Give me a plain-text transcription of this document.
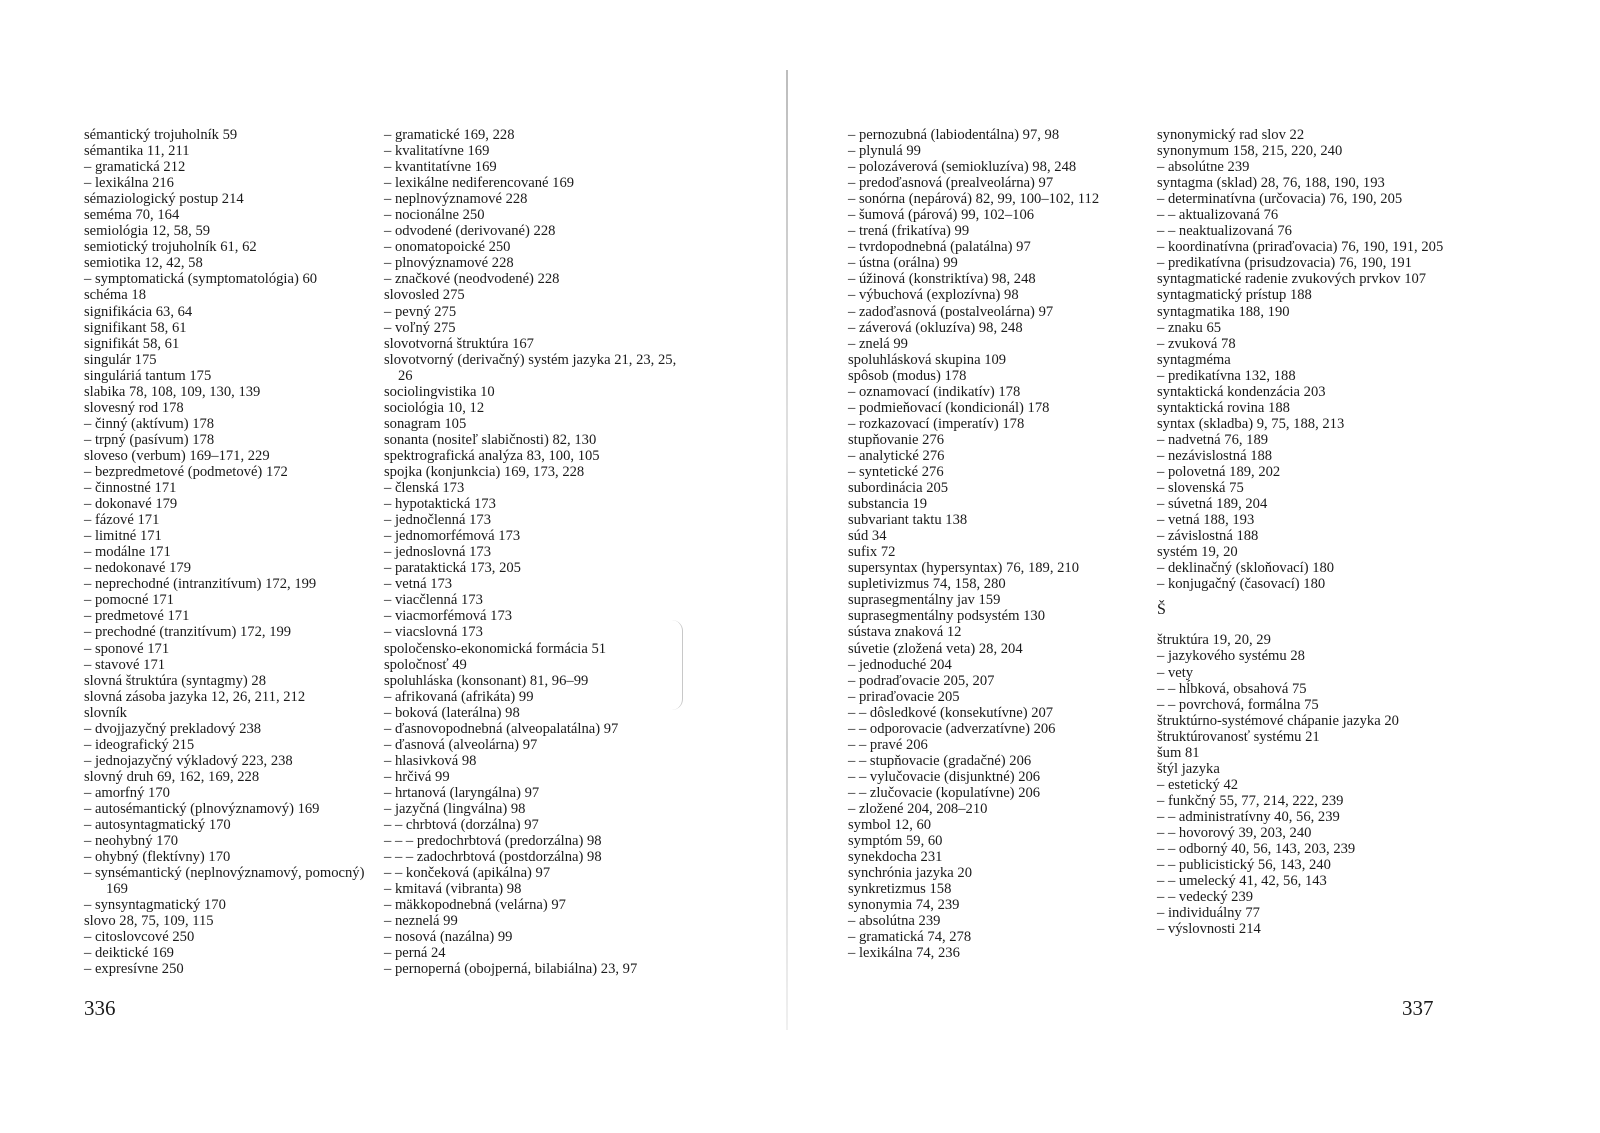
sémantický trojuholník 59
sémantika 11, 211
– gramatická 212
– lexikálna 216
sémaziologický postup 214
seméma 70, 164
semiológia 12, 58, 59
semiotický trojuholník 61, 62
semiotika 12, 42, 58
– symptomatická (symptomatológia) 60
schéma 18
signifikácia 63, 64
signifikant 58, 61
signifikát 58, 61
singulár 175
singuláriá tantum 175
slabika 78, 108, 109, 130, 139
slovesný rod 178
– činný (aktívum) 178
– trpný (pasívum) 178
sloveso (verbum) 169–171, 229
– bezpredmetové (podmetové) 172
– činnostné 171
– dokonavé 179
– fázové 171
– limitné 171
– modálne 171
– nedokonavé 179
– neprechodné (intranzitívum) 172, 199
– pomocné 171
– predmetové 171
– prechodné (tranzitívum) 172, 199
– sponové 171
– stavové 171
slovná štruktúra (syntagmy) 28
slovná zásoba jazyka 12, 26, 211, 212
slovník
– dvojjazyčný prekladový 238
– ideografický 215
– jednojazyčný výkladový 223, 238
slovný druh 69, 162, 169, 228
– amorfný 170
– autosémantický (plnovýznamový) 169
– autosyntagmatický 170
– neohybný 170
– ohybný (flektívny) 170
– synsémantický (neplnovýznamový, pomocný) 169
– synsyntagmatický 170
slovo 28, 75, 109, 115
– citoslovcové 250
– deiktické 169
– expresívne 250
– gramatické 169, 228
– kvalitatívne 169
– kvantitatívne 169
– lexikálne nediferencované 169
– neplnovýznamové 228
– nocionálne 250
– odvodené (derivované) 228
– onomatopoické 250
– plnovýznamové 228
– značkové (neodvodené) 228
slovosled 275
– pevný 275
– voľný 275
slovotvorná štruktúra 167
slovotvorný (derivačný) systém jazyka 21, 23, 25, 26
sociolingvistika 10
sociológia 10, 12
sonagram 105
sonanta (nositeľ slabičnosti) 82, 130
spektrografická analýza 83, 100, 105
spojka (konjunkcia) 169, 173, 228
– členská 173
– hypotaktická 173
– jednočlenná 173
– jednomorfémová 173
– jednoslovná 173
– parataktická 173, 205
– vetná 173
– viacčlenná 173
– viacmorfémová 173
– viacslovná 173
spoločensko-ekonomická formácia 51
spoločnosť 49
spoluhláska (konsonant) 81, 96–99
– afrikovaná (afrikáta) 99
– boková (laterálna) 98
– ďasnovopodnebná (alveopalatálna) 97
– ďasnová (alveolárna) 97
– hlasivková 98
– hrčivá 99
– hrtanová (laryngálna) 97
– jazyčná (lingválna) 98
– – chrbtová (dorzálna) 97
– – – predochrbtová (predorzálna) 98
– – – zadochrbtová (postdorzálna) 98
– – končeková (apikálna) 97
– kmitavá (vibranta) 98
– mäkkopodnebná (velárna) 97
– neznelá 99
– nosová (nazálna) 99
– perná 24
– pernoperná (obojperná, bilabiálna) 23, 97
336
– pernozubná (labiodentálna) 97, 98
– plynulá 99
– polozáverová (semiokluzíva) 98, 248
– predoďasnová (prealveolárna) 97
– sonórna (nepárová) 82, 99, 100–102, 112
– šumová (párová) 99, 102–106
– trená (frikatíva) 99
– tvrdopodnebná (palatálna) 97
– ústna (orálna) 99
– úžinová (konstriktíva) 98, 248
– výbuchová (explozívna) 98
– zadoďasnová (postalveolárna) 97
– záverová (okluzíva) 98, 248
– znelá 99
spoluhlásková skupina 109
spôsob (modus) 178
– oznamovací (indikatív) 178
– podmieňovací (kondicionál) 178
– rozkazovací (imperatív) 178
stupňovanie 276
– analytické 276
– syntetické 276
subordinácia 205
substancia 19
subvariant taktu 138
súd 34
sufix 72
supersyntax (hypersyntax) 76, 189, 210
supletivizmus 74, 158, 280
suprasegmentálny jav 159
suprasegmentálny podsystém 130
sústava znaková 12
súvetie (zložená veta) 28, 204
– jednoduché 204
– podraďovacie 205, 207
– priraďovacie 205
– – dôsledkové (konsekutívne) 207
– – odporovacie (adverzatívne) 206
– – pravé 206
– – stupňovacie (gradačné) 206
– – vylučovacie (disjunktné) 206
– – zlučovacie (kopulatívne) 206
– zložené 204, 208–210
symbol 12, 60
symptóm 59, 60
synekdocha 231
synchrónia jazyka 20
synkretizmus 158
synonymia 74, 239
– absolútna 239
– gramatická 74, 278
– lexikálna 74, 236
synonymický rad slov 22
synonymum 158, 215, 220, 240
– absolútne 239
syntagma (sklad) 28, 76, 188, 190, 193
– determinatívna (určovacia) 76, 190, 205
– – aktualizovaná 76
– – neaktualizovaná 76
– koordinatívna (priraďovacia) 76, 190, 191, 205
– predikatívna (prisudzovacia) 76, 190, 191
syntagmatické radenie zvukových prvkov 107
syntagmatický prístup 188
syntagmatika 188, 190
– znaku 65
– zvuková 78
syntagméma
– predikatívna 132, 188
syntaktická kondenzácia 203
syntaktická rovina 188
syntax (skladba) 9, 75, 188, 213
– nadvetná 76, 189
– nezávislostná 188
– polovetná 189, 202
– slovenská 75
– súvetná 189, 204
– vetná 188, 193
– závislostná 188
systém 19, 20
– deklinačný (skloňovací) 180
– konjugačný (časovací) 180
Š
štruktúra 19, 20, 29
– jazykového systému 28
– vety
– – hĺbková, obsahová 75
– – povrchová, formálna 75
štruktúrno-systémové chápanie jazyka 20
štruktúrovanosť systému 21
šum 81
štýl jazyka
– estetický 42
– funkčný 55, 77, 214, 222, 239
– – administratívny 40, 56, 239
– – hovorový 39, 203, 240
– – odborný 40, 56, 143, 203, 239
– – publicistický 56, 143, 240
– – umelecký 41, 42, 56, 143
– – vedecký 239
– individuálny 77
– výslovnosti 214
337
